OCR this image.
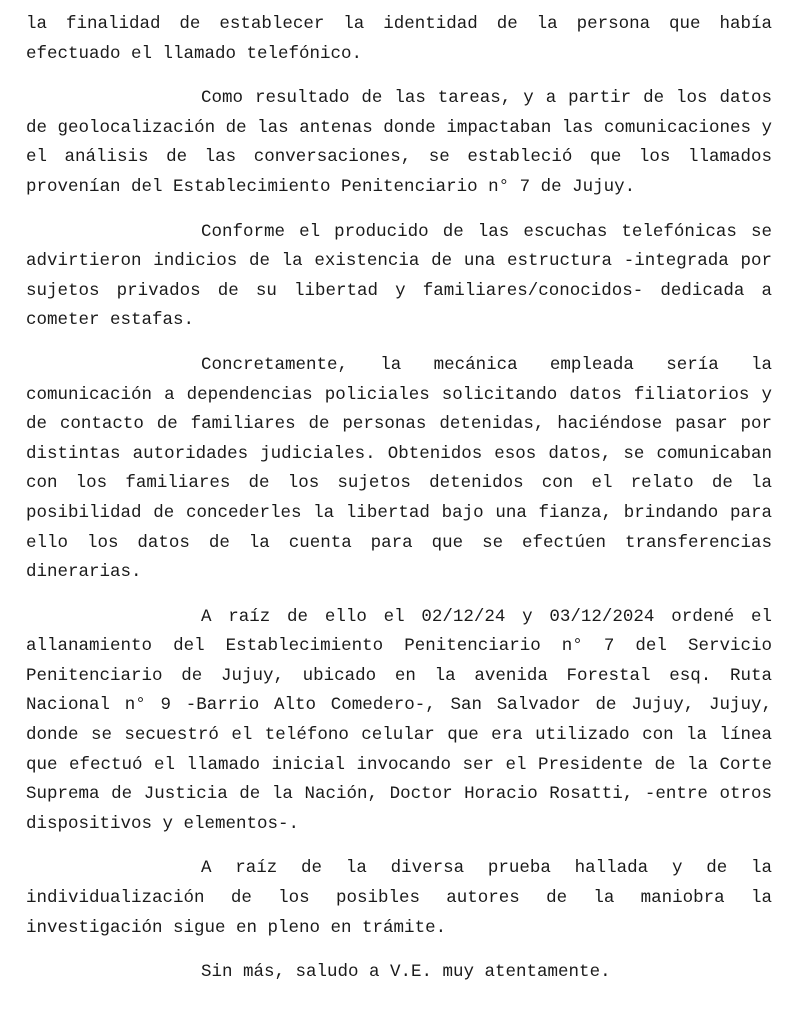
la finalidad de establecer la identidad de la persona que había efectuado el llamado telefónico.

Como resultado de las tareas, y a partir de los datos de geolocalización de las antenas donde impactaban las comunicaciones y el análisis de las conversaciones, se estableció que los llamados provenían del Establecimiento Penitenciario n° 7 de Jujuy.

Conforme el producido de las escuchas telefónicas se advirtieron indicios de la existencia de una estructura -integrada por sujetos privados de su libertad y familiares/conocidos- dedicada a cometer estafas.

Concretamente, la mecánica empleada sería la comunicación a dependencias policiales solicitando datos filiatorios y de contacto de familiares de personas detenidas, haciéndose pasar por distintas autoridades judiciales. Obtenidos esos datos, se comunicaban con los familiares de los sujetos detenidos con el relato de la posibilidad de concederles la libertad bajo una fianza, brindando para ello los datos de la cuenta para que se efectúen transferencias dinerarias.

A raíz de ello el 02/12/24 y 03/12/2024 ordené el allanamiento del Establecimiento Penitenciario n° 7 del Servicio Penitenciario de Jujuy, ubicado en la avenida Forestal esq. Ruta Nacional n° 9 -Barrio Alto Comedero-, San Salvador de Jujuy, Jujuy, donde se secuestró el teléfono celular que era utilizado con la línea que efectuó el llamado inicial invocando ser el Presidente de la Corte Suprema de Justicia de la Nación, Doctor Horacio Rosatti, -entre otros dispositivos y elementos-.

A raíz de la diversa prueba hallada y de la individualización de los posibles autores de la maniobra la investigación sigue en pleno en trámite.

Sin más, saludo a V.E. muy atentamente.
